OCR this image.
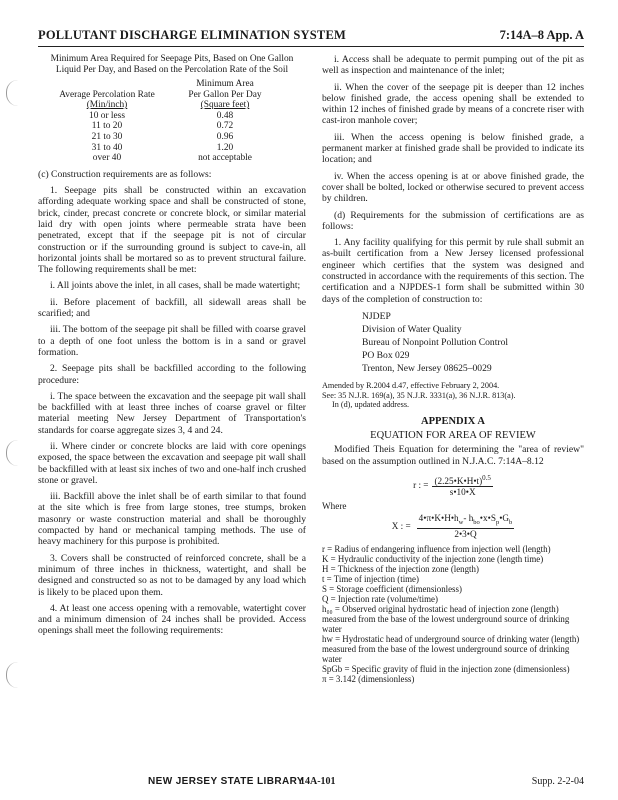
POLLUTANT DISCHARGE ELIMINATION SYSTEM	7:14A–8 App. A
Minimum Area Required for Seepage Pits, Based on One Gallon Liquid Per Day, and Based on the Percolation Rate of the Soil
	Minimum Area
Average Percolation Rate	Per Gallon Per Day
(Min/inch)	(Square feet)
10 or less	0.48
11 to 20	0.72
21 to 30	0.96
31 to 40	1.20
over 40	not acceptable

(c) Construction requirements are as follows:

1. Seepage pits shall be constructed within an excavation affording adequate working space and shall be constructed of stone, brick, cinder, precast concrete or concrete block, or similar material laid dry with open joints where permeable strata have been penetrated, except that if the seepage pit is not of circular construction or if the surrounding ground is subject to cave-in, all horizontal joints shall be mortared so as to prevent structural failure. The following requirements shall be met:

i. All joints above the inlet, in all cases, shall be made watertight;

ii. Before placement of backfill, all sidewall areas shall be scarified; and

iii. The bottom of the seepage pit shall be filled with coarse gravel to a depth of one foot unless the bottom is in a sand or gravel formation.

2. Seepage pits shall be backfilled according to the following procedure:

i. The space between the excavation and the seepage pit wall shall be backfilled with at least three inches of coarse gravel or filter material meeting New Jersey Department of Transportation's standards for coarse aggregate sizes 3, 4 and 24.

ii. Where cinder or concrete blocks are laid with core openings exposed, the space between the excavation and seepage pit wall shall be backfilled with at least six inches of two and one-half inch crushed stone or gravel.

iii. Backfill above the inlet shall be of earth similar to that found at the site which is free from large stones, tree stumps, broken masonry or waste construction material and shall be thoroughly compacted by hand or mechanical tamping methods. The use of heavy machinery for this purpose is prohibited.

3. Covers shall be constructed of reinforced concrete, shall be a minimum of three inches in thickness, watertight, and shall be designed and constructed so as not to be damaged by any load which is likely to be placed upon them.

4. At least one access opening with a removable, watertight cover and a minimum dimension of 24 inches shall be provided. Access openings shall meet the following requirements:

i. Access shall be adequate to permit pumping out of the pit as well as inspection and maintenance of the inlet;

ii. When the cover of the seepage pit is deeper than 12 inches below finished grade, the access opening shall be extended to within 12 inches of finished grade by means of a concrete riser with cast-iron manhole cover;

iii. When the access opening is below finished grade, a permanent marker at finished grade shall be provided to indicate its location; and

iv. When the access opening is at or above finished grade, the cover shall be bolted, locked or otherwise secured to prevent access by children.

(d) Requirements for the submission of certifications are as follows:

1. Any facility qualifying for this permit by rule shall submit an as-built certification from a New Jersey licensed professional engineer which certifies that the system was designed and constructed in accordance with the requirements of this section. The certification and a NJPDES-1 form shall be submitted within 30 days of the completion of construction to:

NJDEP
Division of Water Quality
Bureau of Nonpoint Pollution Control
PO Box 029
Trenton, New Jersey 08625–0029
Amended by R.2004 d.47, effective February 2, 2004.
See: 35 N.J.R. 169(a), 35 N.J.R. 3331(a), 36 N.J.R. 813(a).
In (d), updated address.
APPENDIX A
EQUATION FOR AREA OF REVIEW

Modified Theis Equation for determining the "area of review" based on the assumption outlined in N.J.A.C. 7:14A–8.12

r : = $\frac{(2.25•K•H•t)^{0.5}}{s•10•X}$
Where
X : =
$4•\pi•K•H•h_w-$ $h_{bo}•x•S_p•G_b$
2•3•Q
r = Radius of endangering influence from injection well (length)
K = Hydraulic conductivity of the injection zone (length time)
H = Thickness of the injection zone (length)
t = Time of injection (time)
S = Storage coefficient (dimensionless)
Q = Injection rate (volume/time)
h₀₀ = Observed original hydrostatic head of injection zone (length) measured from the base of the lowest underground source of drinking water
hw = Hydrostatic head of underground source of drinking water (length) measured from the base of the lowest underground source of drinking water
SpGb = Specific gravity of fluid in the injection zone (dimensionless)
π = 3.142 (dimensionless)
NEW JERSEY STATE LIBRARY
14A-101	Supp. 2-2-04
